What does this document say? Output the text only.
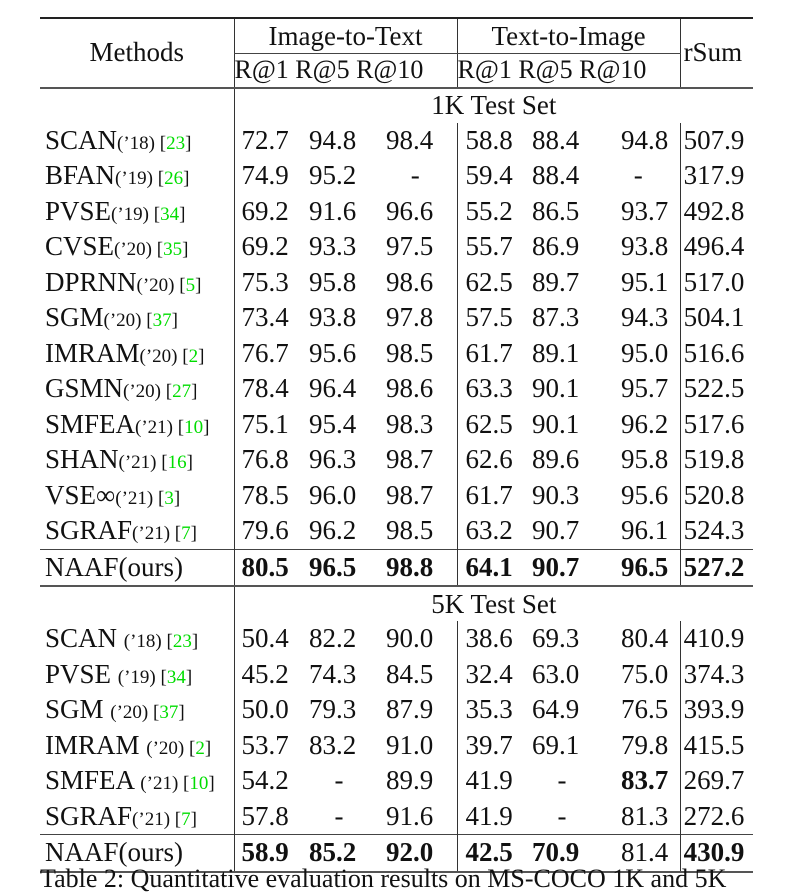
Methods	Image-to-Text			Text-to-Image			rSum
	R@1 R@5 R@10			R@1 R@5 R@10			
	1K Test Set						
SCAN(’18) [23]	72.7	94.8	98.4	58.8	88.4	94.8	507.9
BFAN(’19) [26]	74.9	95.2	-	59.4	88.4	-	317.9
PVSE(’19) [34]	69.2	91.6	96.6	55.2	86.5	93.7	492.8
CVSE(’20) [35]	69.2	93.3	97.5	55.7	86.9	93.8	496.4
DPRNN(’20) [5]	75.3	95.8	98.6	62.5	89.7	95.1	517.0
SGM(’20) [37]	73.4	93.8	97.8	57.5	87.3	94.3	504.1
IMRAM(’20) [2]	76.7	95.6	98.5	61.7	89.1	95.0	516.6
GSMN(’20) [27]	78.4	96.4	98.6	63.3	90.1	95.7	522.5
SMFEA(’21) [10]	75.1	95.4	98.3	62.5	90.1	96.2	517.6
SHAN(’21) [16]	76.8	96.3	98.7	62.6	89.6	95.8	519.8
VSE∞(’21) [3]	78.5	96.0	98.7	61.7	90.3	95.6	520.8
SGRAF(’21) [7]	79.6	96.2	98.5	63.2	90.7	96.1	524.3
NAAF(ours)	80.5	96.5	98.8	64.1	90.7	96.5	527.2
	5K Test Set						
SCAN (’18) [23]	50.4	82.2	90.0	38.6	69.3	80.4	410.9
PVSE (’19) [34]	45.2	74.3	84.5	32.4	63.0	75.0	374.3
SGM (’20) [37]	50.0	79.3	87.9	35.3	64.9	76.5	393.9
IMRAM (’20) [2]	53.7	83.2	91.0	39.7	69.1	79.8	415.5
SMFEA (’21) [10]	54.2	-	89.9	41.9	-	83.7	269.7
SGRAF(’21) [7]	57.8	-	91.6	41.9	-	81.3	272.6
NAAF(ours)	58.9	85.2	92.0	42.5	70.9	81.4	430.9
Table 2: Quantitative evaluation results on MS-COCO 1K and 5K
